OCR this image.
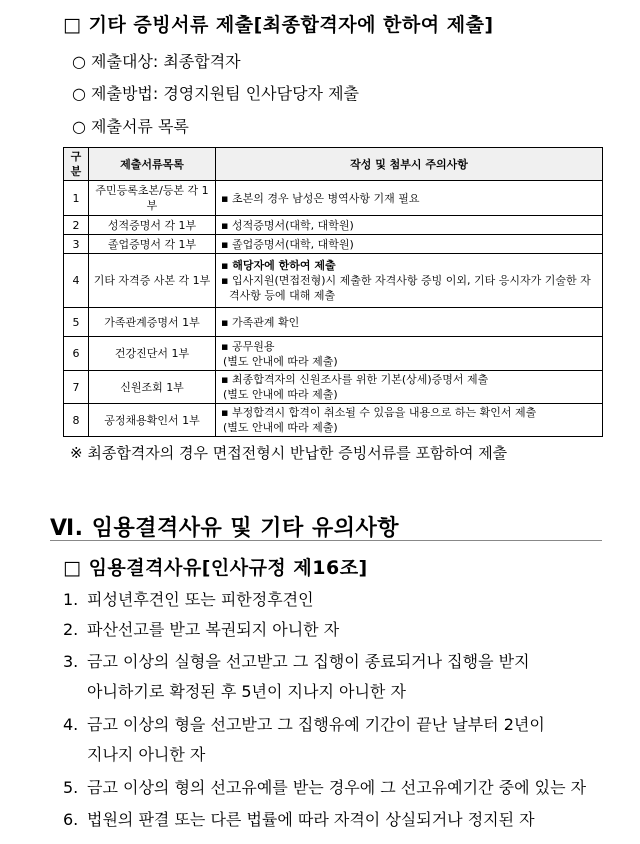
□ 기타 증빙서류 제출[최종합격자에 한하여 제출]
○ 제출대상: 최종합격자
○ 제출방법: 경영지원팀 인사담당자 제출
○ 제출서류 목록
구분	제출서류목록	작성 및 첨부시 주의사항
1	주민등록초본/등본 각 1부	▪ 초본의 경우 남성은 병역사항 기재 필요

2	성적증명서 각 1부	▪ 성적증명서(대학, 대학원)

3	졸업증명서 각 1부	▪ 졸업증명서(대학, 대학원)

4	기타 자격증 사본 각 1부	▪ 해당자에 한하여 제출
▪ 입사지원(면접전형)시 제출한 자격사항 증빙 이외, 기타 응시자가 기술한 자격사항 등에 대해 제출

5	가족관계증명서 1부	▪ 가족관계 확인

6	건강진단서 1부	▪ 공무원용
(별도 안내에 따라 제출)

7	신원조회 1부	▪ 최종합격자의 신원조사를 위한 기본(상세)증명서 제출
(별도 안내에 따라 제출)

8	공정채용확인서 1부	▪ 부정합격시 합격이 취소될 수 있음을 내용으로 하는 확인서 제출
(별도 안내에 따라 제출)
※ 최종합격자의 경우 면접전형시 반납한 증빙서류를 포함하여 제출
Ⅵ. 임용결격사유 및 기타 유의사항
□ 임용결격사유[인사규정 제16조]
1. 피성년후견인 또는 피한정후견인
2. 파산선고를 받고 복권되지 아니한 자
3. 금고 이상의 실형을 선고받고 그 집행이 종료되거나 집행을 받지
아니하기로 확정된 후 5년이 지나지 아니한 자
4. 금고 이상의 형을 선고받고 그 집행유예 기간이 끝난 날부터 2년이
지나지 아니한 자
5. 금고 이상의 형의 선고유예를 받는 경우에 그 선고유예기간 중에 있는 자
6. 법원의 판결 또는 다른 법률에 따라 자격이 상실되거나 정지된 자
